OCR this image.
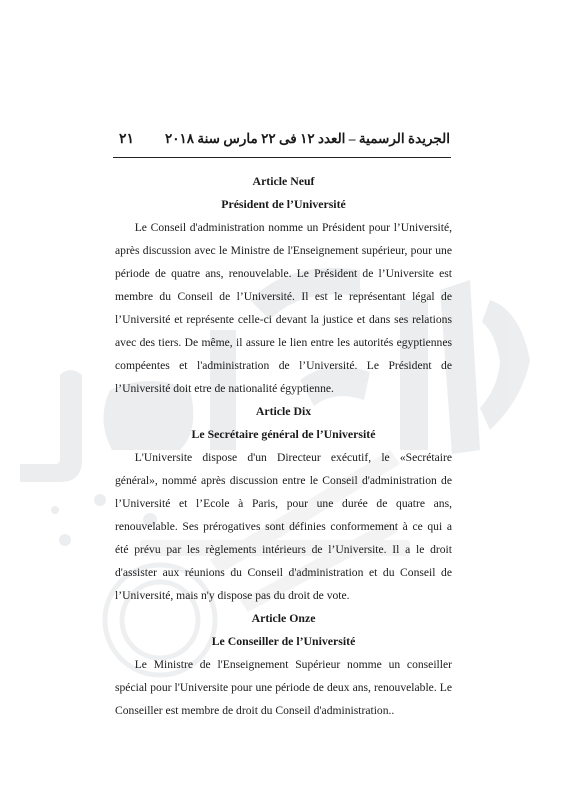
٢١ الجريدة الرسمية – العدد ١٢ فى ٢٢ مارس سنة ٢٠١٨

Article Neuf

Président de l’Université

Le Conseil d'administration nomme un Président pour l’Université, après discussion avec le Ministre de l'Enseignement supérieur, pour une période de quatre ans, renouvelable. Le Président de l’Universite est membre du Conseil de l’Université. Il est le représentant légal de l’Université et représente celle-ci devant la justice et dans ses relations avec des tiers. De même, il assure le lien entre les autorités egyptiennes compéentes et l'administration de l’Université. Le Président de l’Université doit etre de nationalité égyptienne.

Article Dix

Le Secrétaire général de l’Université

L'Universite dispose d'un Directeur exécutif, le «Secrétaire général», nommé après discussion entre le Conseil d'administration de l’Université et l’Ecole à Paris, pour une durée de quatre ans, renouvelable. Ses prérogatives sont définies conformement à ce qui a été prévu par les règlements intérieurs de l’Universite. Il a le droit d'assister aux réunions du Conseil d'administration et du Conseil de l’Université, mais n'y dispose pas du droit de vote.

Article Onze

Le Conseiller de l’Université

Le Ministre de l'Enseignement Supérieur nomme un conseiller spécial pour l'Universite pour une période de deux ans, renouvelable. Le Conseiller est membre de droit du Conseil d'administration..
